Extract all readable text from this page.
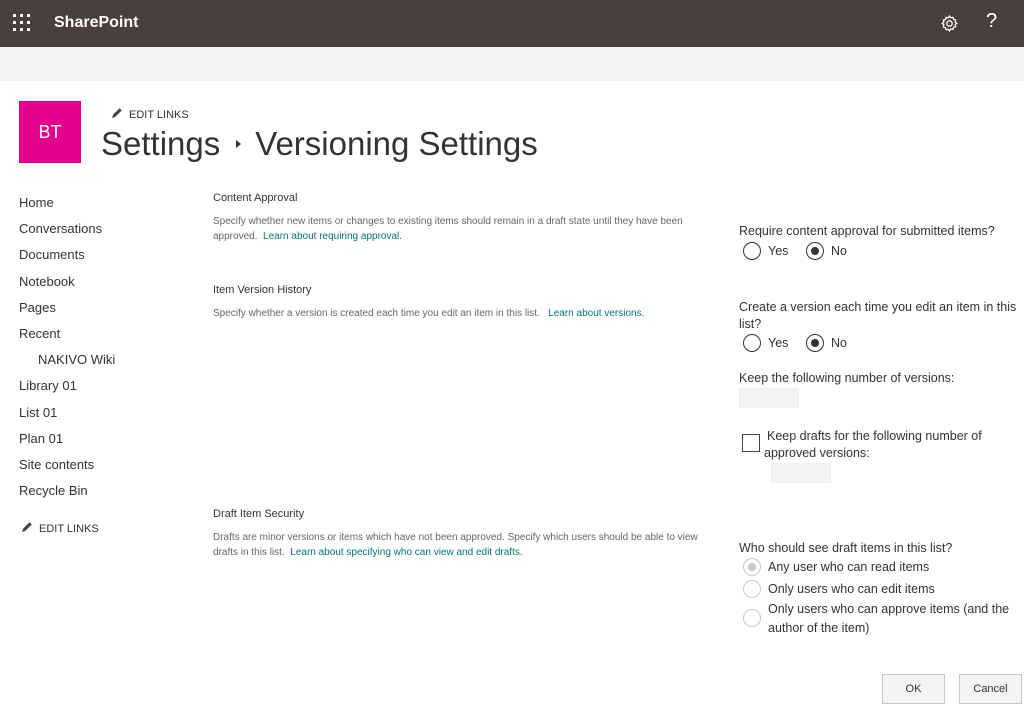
SharePoint	?
BT
EDIT LINKS
Settings Versioning Settings
Home
Conversations
Documents
Notebook
Pages
Recent
NAKIVO Wiki
Library 01
List 01
Plan 01
Site contents
Recycle Bin
EDIT LINKS
Content Approval
Specify whether new items or changes to existing items should remain in a draft state until they have been approved. Learn about requiring approval.	Require content approval for submitted items?
Yes	No
Item Version History
Specify whether a version is created each time you edit an item in this list. Learn about versions.	Create a version each time you edit an item in this list?
Yes	No
Keep the following number of versions:
Keep drafts for the following number of approved versions:
Draft Item Security
Drafts are minor versions or items which have not been approved. Specify which users should be able to view drafts in this list. Learn about specifying who can view and edit drafts.	Who should see draft items in this list?
Any user who can read items
Only users who can edit items
Only users who can approve items (and the author of the item)
OK	Cancel
